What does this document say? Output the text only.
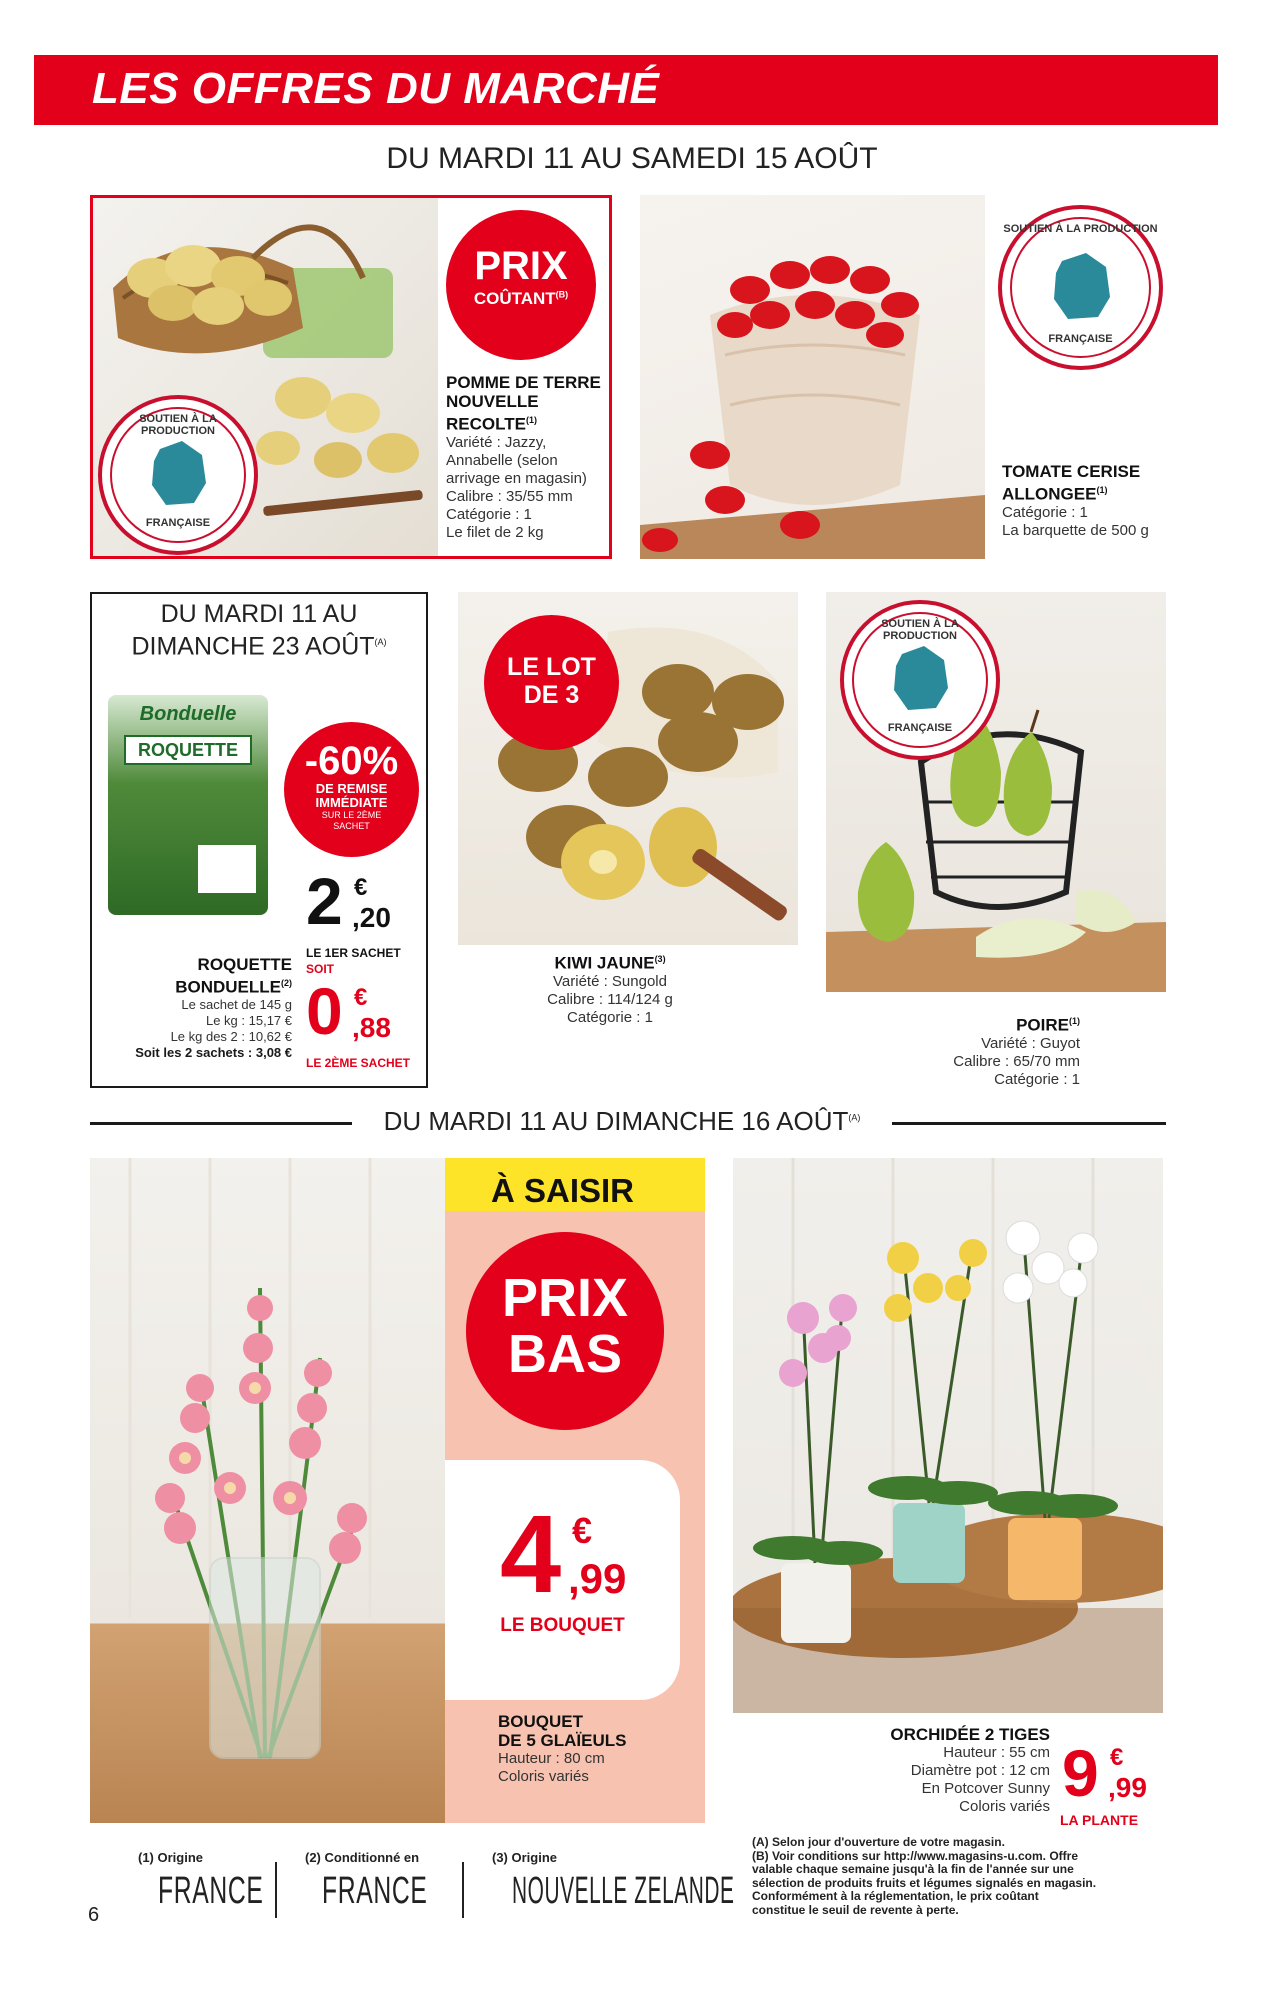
LES OFFRES DU MARCHÉ
DU MARDI 11 AU SAMEDI 15 AOÛT
SOUTIEN À LA PRODUCTION
FRANÇAISE
PRIX
$COÛTANT^{(B)}$
POMME DE TERRE
NOUVELLE
RECOLTE$^{(1)}$
Variété : Jazzy,
Annabelle (selon
arrivage en magasin)
Calibre : 35/55 mm
Catégorie : 1
Le filet de 2 kg
SOUTIEN À LA PRODUCTION
FRANÇAISE
TOMATE CERISE
ALLONGEE$^{(1)}$
Catégorie : 1
La barquette de 500 g
DU MARDI 11 AU
DIMANCHE 23 $AOÛT^{(A)}$
Bonduelle
ROQUETTE	-60%
DE REMISE
IMMÉDIATE
SUR LE 2ÈME
SACHET
2 €
,20
LE 1ER SACHET
SOIT
0 €
,88
LE 2ÈME SACHET
ROQUETTE
BONDUELLE$^{(2)}$
Le sachet de 145 g
Le kg : 15,17 €
Le kg des 2 : 10,62 €
Soit les 2 sachets : 3,08 €
LE LOT
DE 3
KIWI JAUNE$^{(3)}$
Variété : Sungold
Calibre : 114/124 g
Catégorie : 1
SOUTIEN À LA PRODUCTION
FRANÇAISE
POIRE$^{(1)}$
Variété : Guyot
Calibre : 65/70 mm
Catégorie : 1
DU MARDI 11 AU DIMANCHE 16 $AOÛT^{(A)}$
À SAISIR
PRIX
BAS
4 €
,99
LE BOUQUET
BOUQUET
DE 5 GLAÏEULS
Hauteur : 80 cm
Coloris variés
ORCHIDÉE 2 TIGES
Hauteur : 55 cm
Diamètre pot : 12 cm
En Potcover Sunny
Coloris variés 9 €
,99
LA PLANTE
6
(1) Origine
FRANCE
(2) Conditionné en
FRANCE
(3) Origine
NOUVELLE ZELANDE
(A) Selon jour d'ouverture de votre magasin.
(B) Voir conditions sur http://www.magasins-u.com. Offre
valable chaque semaine jusqu'à la fin de l'année sur une
sélection de produits fruits et légumes signalés en magasin.
Conformément à la réglementation, le prix coûtant
constitue le seuil de revente à perte.
